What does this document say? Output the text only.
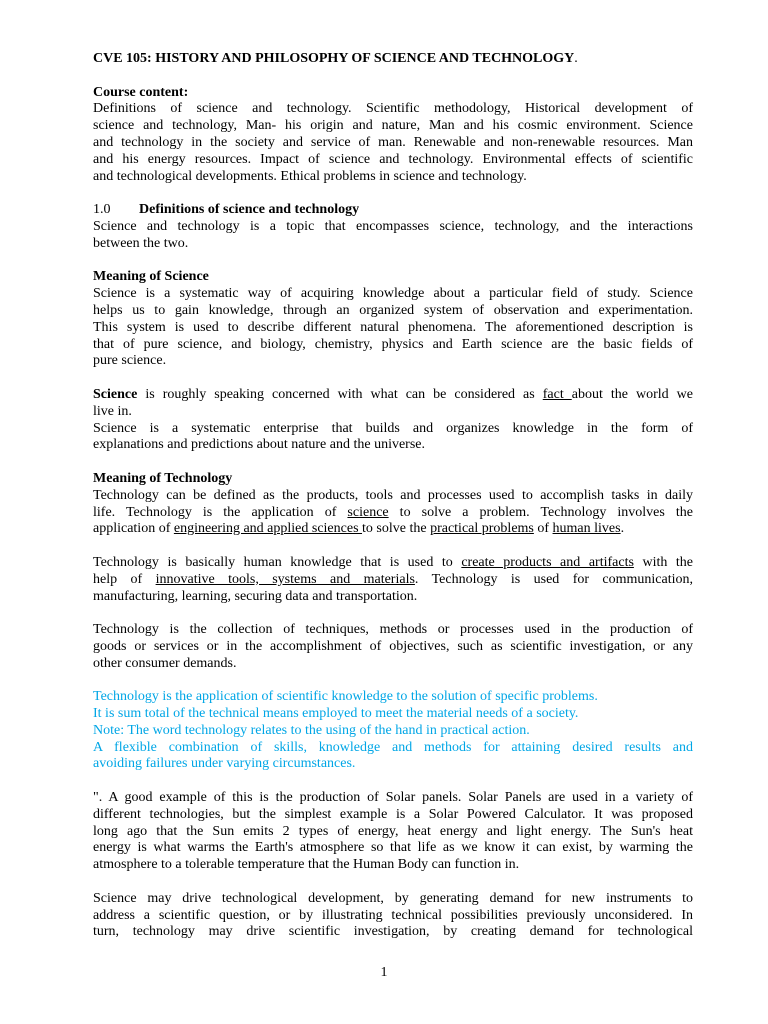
CVE 105: HISTORY AND PHILOSOPHY OF SCIENCE AND TECHNOLOGY.

Course content:

Definitions of science and technology. Scientific methodology, Historical development of
science and technology, Man- his origin and nature, Man and his cosmic environment. Science
and technology in the society and service of man. Renewable and non-renewable resources. Man
and his energy resources. Impact of science and technology. Environmental effects of scientific
and technological developments. Ethical problems in science and technology.

1.0 Definitions of science and technology

Science and technology is a topic that encompasses science, technology, and the interactions
between the two.

Meaning of Science

Science is a systematic way of acquiring knowledge about a particular field of study. Science
helps us to gain knowledge, through an organized system of observation and experimentation.
This system is used to describe different natural phenomena. The aforementioned description is
that of pure science, and biology, chemistry, physics and Earth science are the basic fields of
pure science.
Science is roughly speaking concerned with what can be considered as fact about the world we
live in.
Science is a systematic enterprise that builds and organizes knowledge in the form of
explanations and predictions about nature and the universe.

Meaning of Technology

Technology can be defined as the products, tools and processes used to accomplish tasks in daily
life. Technology is the application of science to solve a problem. Technology involves the
application of engineering and applied sciences to solve the practical problems of human lives.
Technology is basically human knowledge that is used to create products and artifacts with the
help of innovative tools, systems and materials. Technology is used for communication,
manufacturing, learning, securing data and transportation.
Technology is the collection of techniques, methods or processes used in the production of
goods or services or in the accomplishment of objectives, such as scientific investigation, or any
other consumer demands.
Technology is the application of scientific knowledge to the solution of specific problems.
It is sum total of the technical means employed to meet the material needs of a society.
Note: The word technology relates to the using of the hand in practical action.
A flexible combination of skills, knowledge and methods for attaining desired results and
avoiding failures under varying circumstances.
". A good example of this is the production of Solar panels. Solar Panels are used in a variety of
different technologies, but the simplest example is a Solar Powered Calculator. It was proposed
long ago that the Sun emits 2 types of energy, heat energy and light energy. The Sun's heat
energy is what warms the Earth's atmosphere so that life as we know it can exist, by warming the
atmosphere to a tolerable temperature that the Human Body can function in.
Science may drive technological development, by generating demand for new instruments to
address a scientific question, or by illustrating technical possibilities previously unconsidered. In
turn, technology may drive scientific investigation, by creating demand for technological
1
